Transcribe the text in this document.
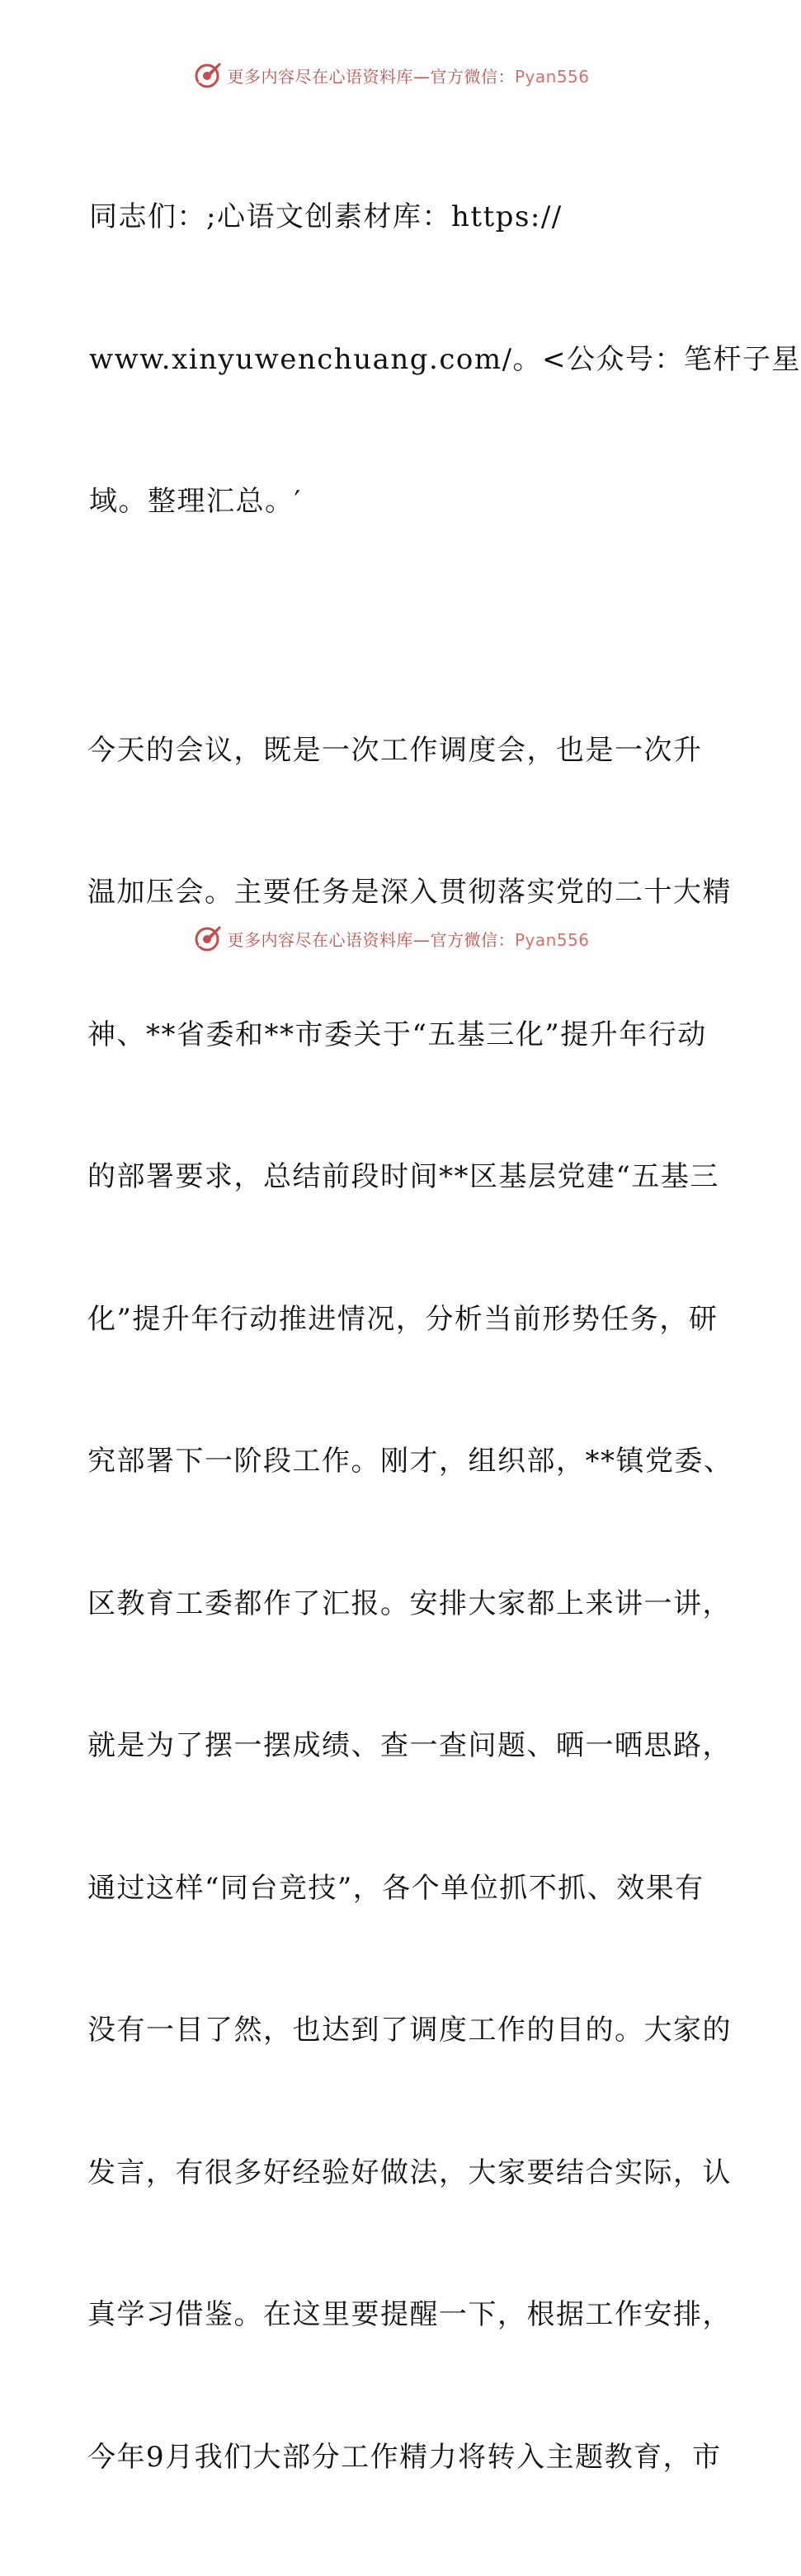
更多内容尽在心语资料库—官方微信：Pyan556

同志们：;心语文创素材库：https://

www.xinyuwenchuang.com/。<公众号：笔杆子星

域。整理汇总。′

今天的会议，既是一次工作调度会，也是一次升

温加压会。主要任务是深入贯彻落实党的二十大精

神、**省委和**市委关于“五基三化”提升年行动

的部署要求，总结前段时间**区基层党建“五基三

化”提升年行动推进情况，分析当前形势任务，研

究部署下一阶段工作。刚才，组织部，**镇党委、

区教育工委都作了汇报。安排大家都上来讲一讲，

就是为了摆一摆成绩、查一查问题、晒一晒思路，

通过这样“同台竞技”，各个单位抓不抓、效果有

没有一目了然，也达到了调度工作的目的。大家的

发言，有很多好经验好做法，大家要结合实际，认

真学习借鉴。在这里要提醒一下，根据工作安排，

今年9月我们大部分工作精力将转入主题教育，市

更多内容尽在心语资料库—官方微信：Pyan556
